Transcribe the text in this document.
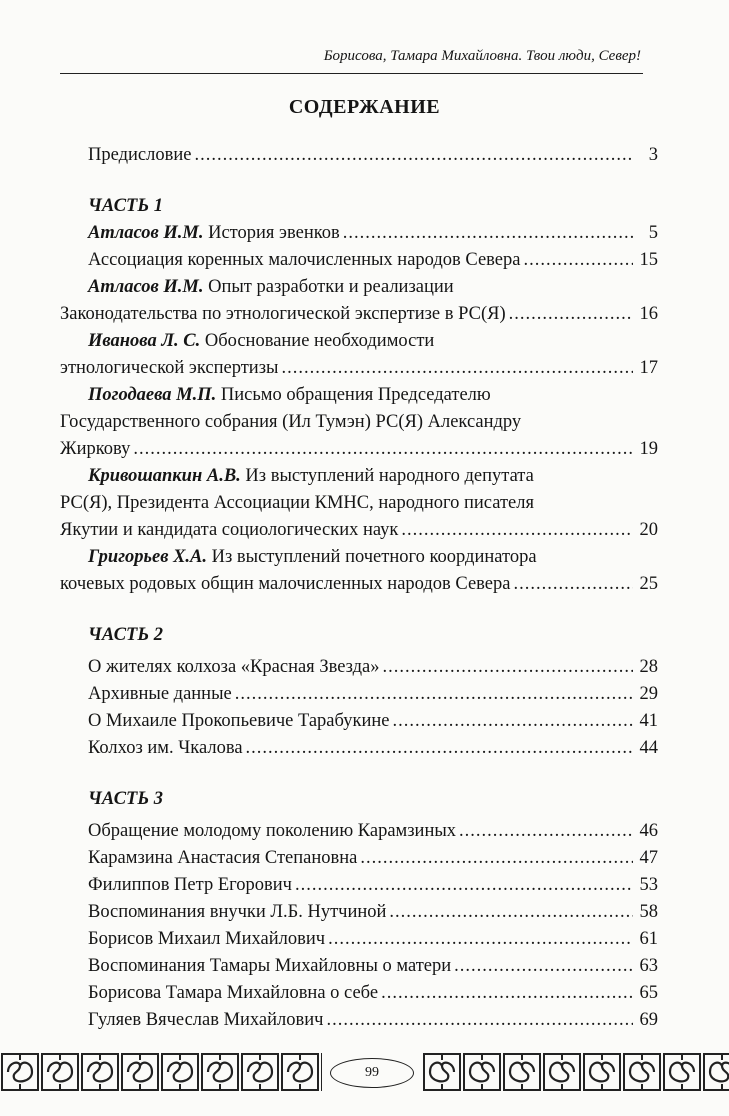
Борисова, Тамара Михайловна. Твои люди, Север!
СОДЕРЖАНИЕ
Предисловие .....	3
ЧАСТЬ 1
Атласов И.М. История эвенков .....	5
Ассоциация коренных малочисленных народов Севера .....	15
Атласов И.М. Опыт разработки и реализации
Законодательства по этнологической экспертизе в РС(Я) .....	16
Иванова Л. С. Обоснование необходимости
этнологической экспертизы .....	17
Погодаева М.П. Письмо обращения Председателю
Государственного собрания (Ил Тумэн) РС(Я) Александру
Жиркову .....	19
Кривошапкин А.В. Из выступлений народного депутата
РС(Я), Президента Ассоциации КМНС, народного писателя
Якутии и кандидата социологических наук .....	20
Григорьев Х.А. Из выступлений почетного координатора
кочевых родовых общин малочисленных народов Севера .....	25
ЧАСТЬ 2
О жителях колхоза «Красная Звезда» .....	28
Архивные данные .....	29
О Михаиле Прокопьевиче Тарабукине .....	41
Колхоз им. Чкалова .....	44
ЧАСТЬ 3
Обращение молодому поколению Карамзиных .....	46
Карамзина Анастасия Степановна .....	47
Филиппов Петр Егорович .....	53
Воспоминания внучки Л.Б. Нутчиной .....	58
Борисов Михаил Михайлович .....	61
Воспоминания Тамары Михайловны о матери .....	63
Борисова Тамара Михайловна о себе .....	65
Гуляев Вячеслав Михайлович .....	69
99
